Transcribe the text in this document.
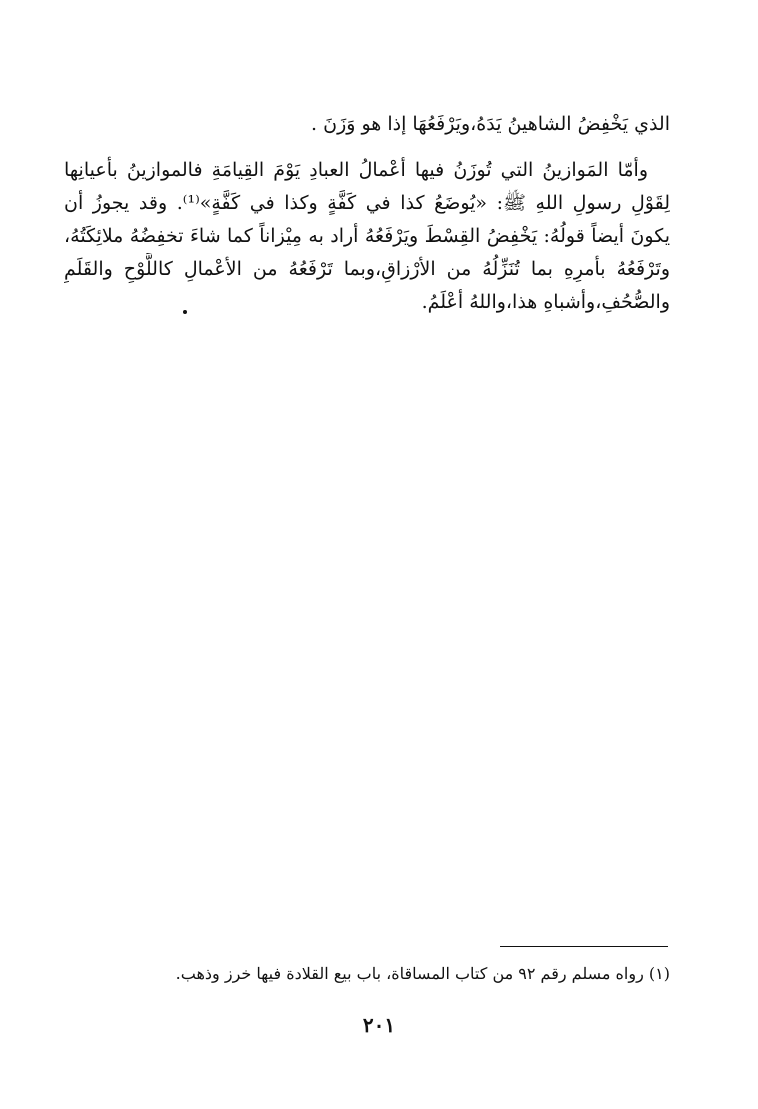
الذي يَخْفِضُ الشاهينُ يَدَهُ،ويَرْفَعُهَا إذا هو وَزَنَ .
وأمّا المَوازينُ التي تُوزَنُ فيها أعْمالُ العبادِ يَوْمَ القِيامَةِ فالموازينُ بأعيانِها
لِقَوْلِ رسولِ اللهِ ﷺ: «يُوضَعُ كذا في كَفَّةٍ وكذا في كَفَّةٍ»⁽¹⁾. وقد يجوزُ أن
يكونَ أيضاً قولُهُ: يَخْفِضُ القِسْطَ ويَرْفَعُهُ أراد به مِيْزاناً كما شاءَ تخفِضُهُ ملائِكَتُهُ،
وتَرْفَعُهُ بأمرِهِ بما تُنَزِّلُهُ من الأرْزاقِ،وبما تَرْفَعُهُ من الأعْمالِ كاللَّوْحِ والقَلَمِ
والصُّحُفِ،وأشباهِ هذا،واللهُ أعْلَمُ.
(١) رواه مسلم رقم ٩٢ من كتاب المساقاة، باب بيع القلادة فيها خرز وذهب.
٢٠١
